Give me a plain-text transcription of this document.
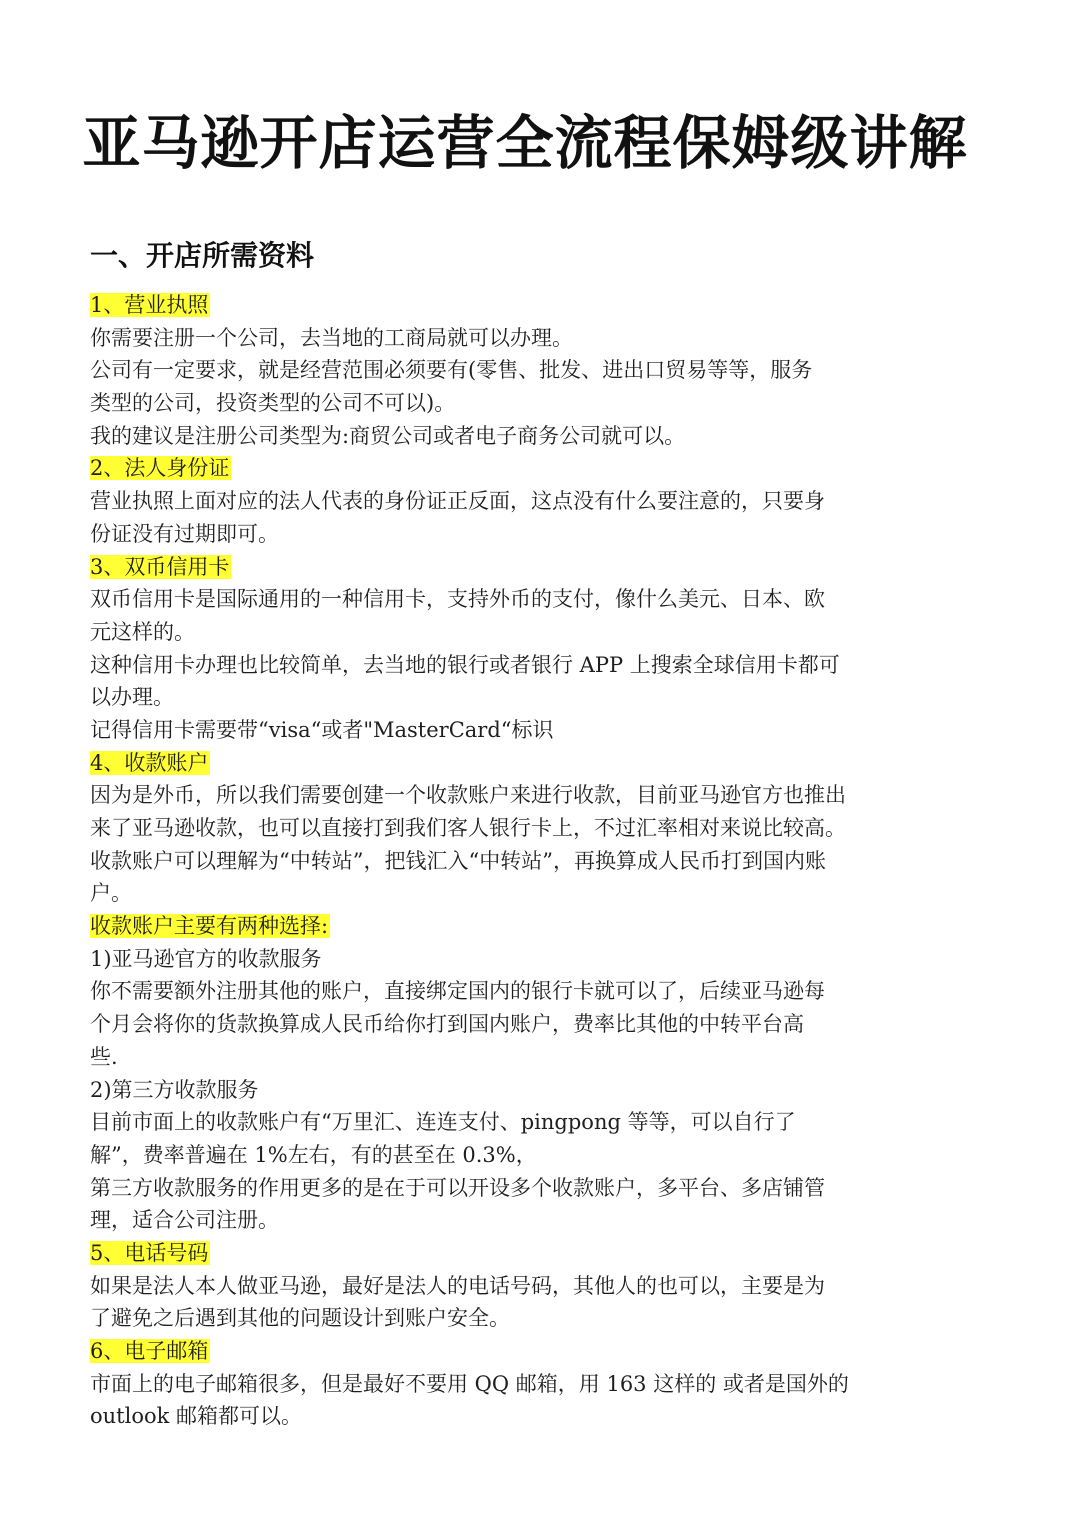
亚马逊开店运营全流程保姆级讲解
一、开店所需资料
1、营业执照
你需要注册一个公司，去当地的工商局就可以办理。
公司有一定要求，就是经营范围必须要有(零售、批发、进出口贸易等等，服务
类型的公司，投资类型的公司不可以)。
我的建议是注册公司类型为:商贸公司或者电子商务公司就可以。
2、法人身份证
营业执照上面对应的法人代表的身份证正反面，这点没有什么要注意的，只要身
份证没有过期即可。
3、双币信用卡
双币信用卡是国际通用的一种信用卡，支持外币的支付，像什么美元、日本、欧
元这样的。
这种信用卡办理也比较简单，去当地的银行或者银行 APP 上搜索全球信用卡都可
以办理。
记得信用卡需要带“visa“或者"MasterCard“标识
4、收款账户
因为是外币，所以我们需要创建一个收款账户来进行收款，目前亚马逊官方也推出
来了亚马逊收款，也可以直接打到我们客人银行卡上，不过汇率相对来说比较高。
收款账户可以理解为“中转站”，把钱汇入“中转站”，再换算成人民币打到国内账
户。
收款账户主要有两种选择:
1)亚马逊官方的收款服务
你不需要额外注册其他的账户，直接绑定国内的银行卡就可以了，后续亚马逊每
个月会将你的货款换算成人民币给你打到国内账户，费率比其他的中转平台高
些.
2)第三方收款服务
目前市面上的收款账户有“万里汇、连连支付、pingpong 等等，可以自行了
解”，费率普遍在 1%左右，有的甚至在 0.3%，
第三方收款服务的作用更多的是在于可以开设多个收款账户，多平台、多店铺管
理，适合公司注册。
5、电话号码
如果是法人本人做亚马逊，最好是法人的电话号码，其他人的也可以，主要是为
了避免之后遇到其他的问题设计到账户安全。
6、电子邮箱
市面上的电子邮箱很多，但是最好不要用 QQ 邮箱，用 163 这样的 或者是国外的
outlook 邮箱都可以。
